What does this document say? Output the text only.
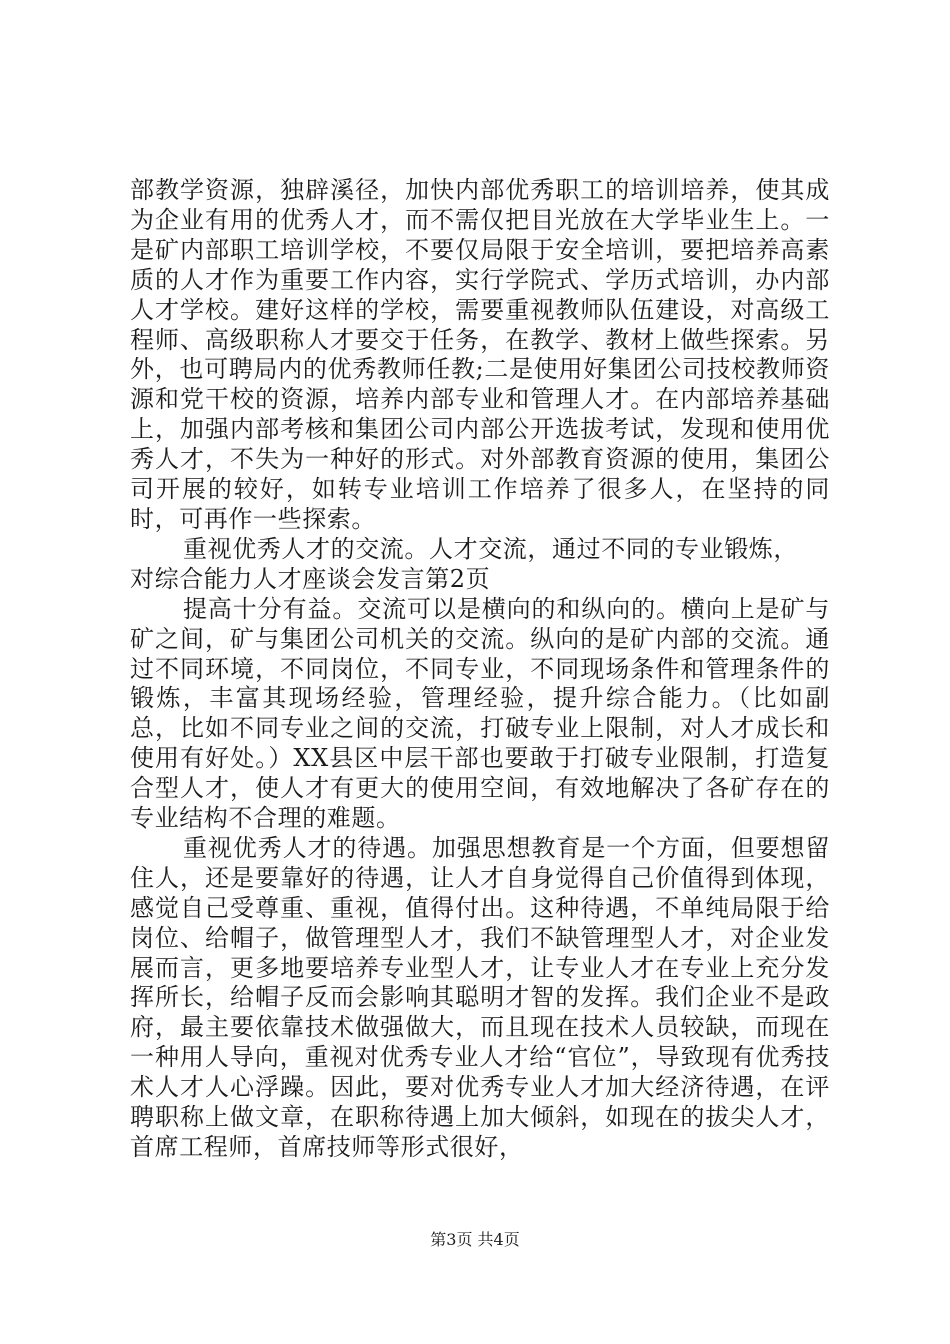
部教学资源，独辟溪径，加快内部优秀职工的培训培养，使其成为企业有用的优秀人才，而不需仅把目光放在大学毕业生上。一是矿内部职工培训学校，不要仅局限于安全培训，要把培养高素质的人才作为重要工作内容，实行学院式、学历式培训，办内部人才学校。建好这样的学校，需要重视教师队伍建设，对高级工程师、高级职称人才要交于任务，在教学、教材上做些探索。另外，也可聘局内的优秀教师任教;二是使用好集团公司技校教师资源和党干校的资源，培养内部专业和管理人才。在内部培养基础上，加强内部考核和集团公司内部公开选拔考试，发现和使用优秀人才，不失为一种好的形式。对外部教育资源的使用，集团公司开展的较好，如转专业培训工作培养了很多人，在坚持的同时，可再作一些探索。

重视优秀人才的交流。人才交流，通过不同的专业锻炼，

对综合能力人才座谈会发言第2页

提高十分有益。交流可以是横向的和纵向的。横向上是矿与矿之间，矿与集团公司机关的交流。纵向的是矿内部的交流。通过不同环境，不同岗位，不同专业，不同现场条件和管理条件的锻炼，丰富其现场经验，管理经验，提升综合能力。（比如副总，比如不同专业之间的交流，打破专业上限制，对人才成长和使用有好处。）XX县区中层干部也要敢于打破专业限制，打造复合型人才，使人才有更大的使用空间，有效地解决了各矿存在的专业结构不合理的难题。

重视优秀人才的待遇。加强思想教育是一个方面，但要想留住人，还是要靠好的待遇，让人才自身觉得自己价值得到体现，感觉自己受尊重、重视，值得付出。这种待遇，不单纯局限于给岗位、给帽子，做管理型人才，我们不缺管理型人才，对企业发展而言，更多地要培养专业型人才，让专业人才在专业上充分发挥所长，给帽子反而会影响其聪明才智的发挥。我们企业不是政府，最主要依靠技术做强做大，而且现在技术人员较缺，而现在一种用人导向，重视对优秀专业人才给“官位”，导致现有优秀技术人才人心浮躁。因此，要对优秀专业人才加大经济待遇，在评聘职称上做文章，在职称待遇上加大倾斜，如现在的拔尖人才，首席工程师，首席技师等形式很好，

第3页 共4页
